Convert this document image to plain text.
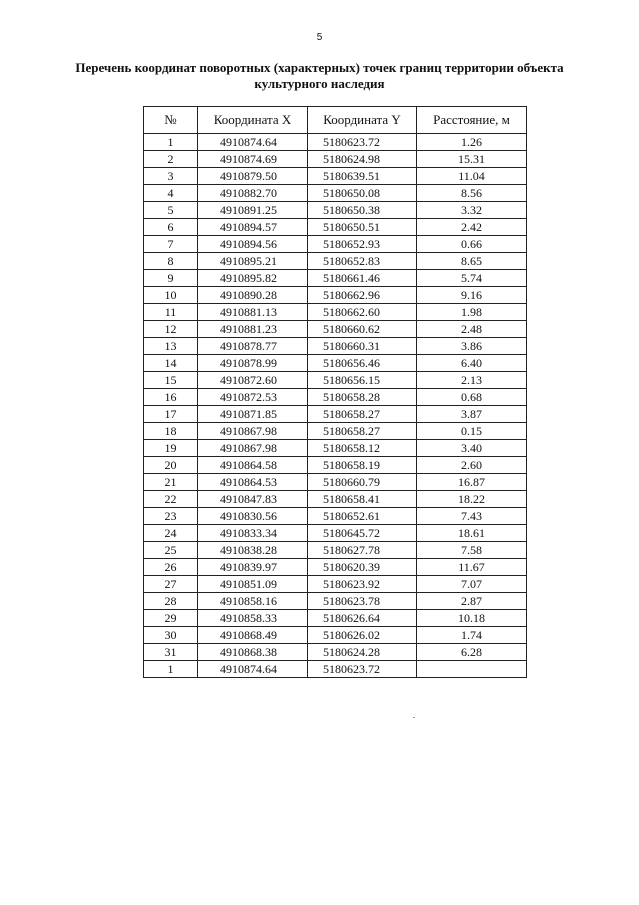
5
Перечень координат поворотных (характерных) точек границ территории объекта
культурного наследия
№	Координата X	Координата Y	Расстояние, м
1	4910874.64	5180623.72	1.26
2	4910874.69	5180624.98	15.31
3	4910879.50	5180639.51	11.04
4	4910882.70	5180650.08	8.56
5	4910891.25	5180650.38	3.32
6	4910894.57	5180650.51	2.42
7	4910894.56	5180652.93	0.66
8	4910895.21	5180652.83	8.65
9	4910895.82	5180661.46	5.74
10	4910890.28	5180662.96	9.16
11	4910881.13	5180662.60	1.98
12	4910881.23	5180660.62	2.48
13	4910878.77	5180660.31	3.86
14	4910878.99	5180656.46	6.40
15	4910872.60	5180656.15	2.13
16	4910872.53	5180658.28	0.68
17	4910871.85	5180658.27	3.87
18	4910867.98	5180658.27	0.15
19	4910867.98	5180658.12	3.40
20	4910864.58	5180658.19	2.60
21	4910864.53	5180660.79	16.87
22	4910847.83	5180658.41	18.22
23	4910830.56	5180652.61	7.43
24	4910833.34	5180645.72	18.61
25	4910838.28	5180627.78	7.58
26	4910839.97	5180620.39	11.67
27	4910851.09	5180623.92	7.07
28	4910858.16	5180623.78	2.87
29	4910858.33	5180626.64	10.18
30	4910868.49	5180626.02	1.74
31	4910868.38	5180624.28	6.28
1	4910874.64	5180623.72	
